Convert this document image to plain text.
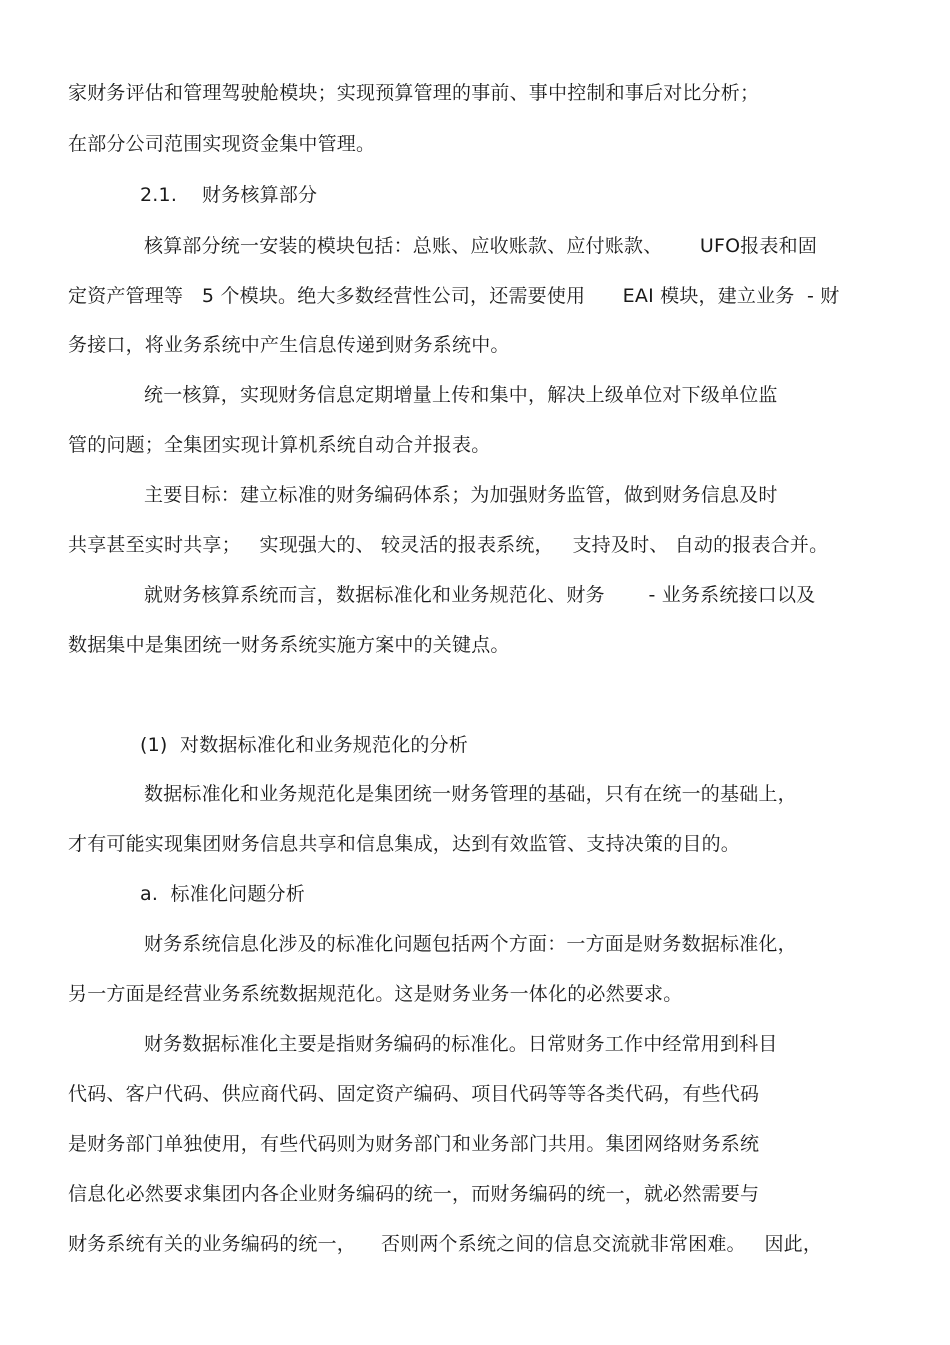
家财务评估和管理驾驶舱模块；实现预算管理的事前、事中控制和事后对比分析；
在部分公司范围实现资金集中管理。
2.1.    财务核算部分
核算部分统一安装的模块包括：总账、应收账款、应付账款、      UFO报表和固
定资产管理等   5 个模块。绝大多数经营性公司，还需要使用      EAI 模块，建立业务  - 财
务接口，将业务系统中产生信息传递到财务系统中。
统一核算，实现财务信息定期增量上传和集中，解决上级单位对下级单位监
管的问题；全集团实现计算机系统自动合并报表。
主要目标：建立标准的财务编码体系；为加强财务监管，做到财务信息及时
共享甚至实时共享；   实现强大的、 较灵活的报表系统，   支持及时、 自动的报表合并。
就财务核算系统而言，数据标准化和业务规范化、财务       - 业务系统接口以及
数据集中是集团统一财务系统实施方案中的关键点。
(1)  对数据标准化和业务规范化的分析
数据标准化和业务规范化是集团统一财务管理的基础，只有在统一的基础上，
才有可能实现集团财务信息共享和信息集成，达到有效监管、支持决策的目的。
a.  标准化问题分析
财务系统信息化涉及的标准化问题包括两个方面：一方面是财务数据标准化，
另一方面是经营业务系统数据规范化。这是财务业务一体化的必然要求。
财务数据标准化主要是指财务编码的标准化。日常财务工作中经常用到科目
代码、客户代码、供应商代码、固定资产编码、项目代码等等各类代码，有些代码
是财务部门单独使用，有些代码则为财务部门和业务部门共用。集团网络财务系统
信息化必然要求集团内各企业财务编码的统一，而财务编码的统一，就必然需要与
财务系统有关的业务编码的统一，    否则两个系统之间的信息交流就非常困难。   因此，
